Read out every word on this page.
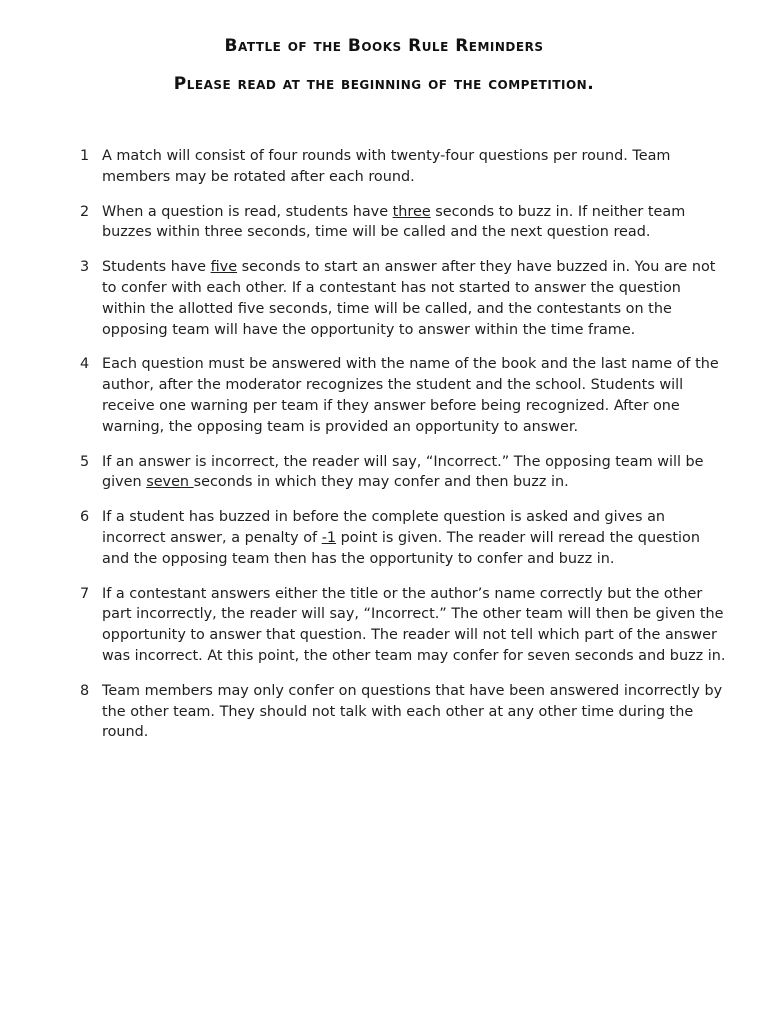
Battle of the Books Rule Reminders
Please read at the beginning of the competition.
1 A match will consist of four rounds with twenty-four questions per round. Team members may be rotated after each round.
2 When a question is read, students have three seconds to buzz in. If neither team buzzes within three seconds, time will be called and the next question read.
3 Students have five seconds to start an answer after they have buzzed in. You are not to confer with each other. If a contestant has not started to answer the question within the allotted five seconds, time will be called, and the contestants on the opposing team will have the opportunity to answer within the time frame.
4 Each question must be answered with the name of the book and the last name of the author, after the moderator recognizes the student and the school. Students will receive one warning per team if they answer before being recognized. After one warning, the opposing team is provided an opportunity to answer.
5 If an answer is incorrect, the reader will say, “Incorrect.” The opposing team will be given seven seconds in which they may confer and then buzz in.
6 If a student has buzzed in before the complete question is asked and gives an incorrect answer, a penalty of -1 point is given. The reader will reread the question and the opposing team then has the opportunity to confer and buzz in.
7 If a contestant answers either the title or the author’s name correctly but the other part incorrectly, the reader will say, “Incorrect.” The other team will then be given the opportunity to answer that question. The reader will not tell which part of the answer was incorrect. At this point, the other team may confer for seven seconds and buzz in.
8 Team members may only confer on questions that have been answered incorrectly by the other team. They should not talk with each other at any other time during the round.
